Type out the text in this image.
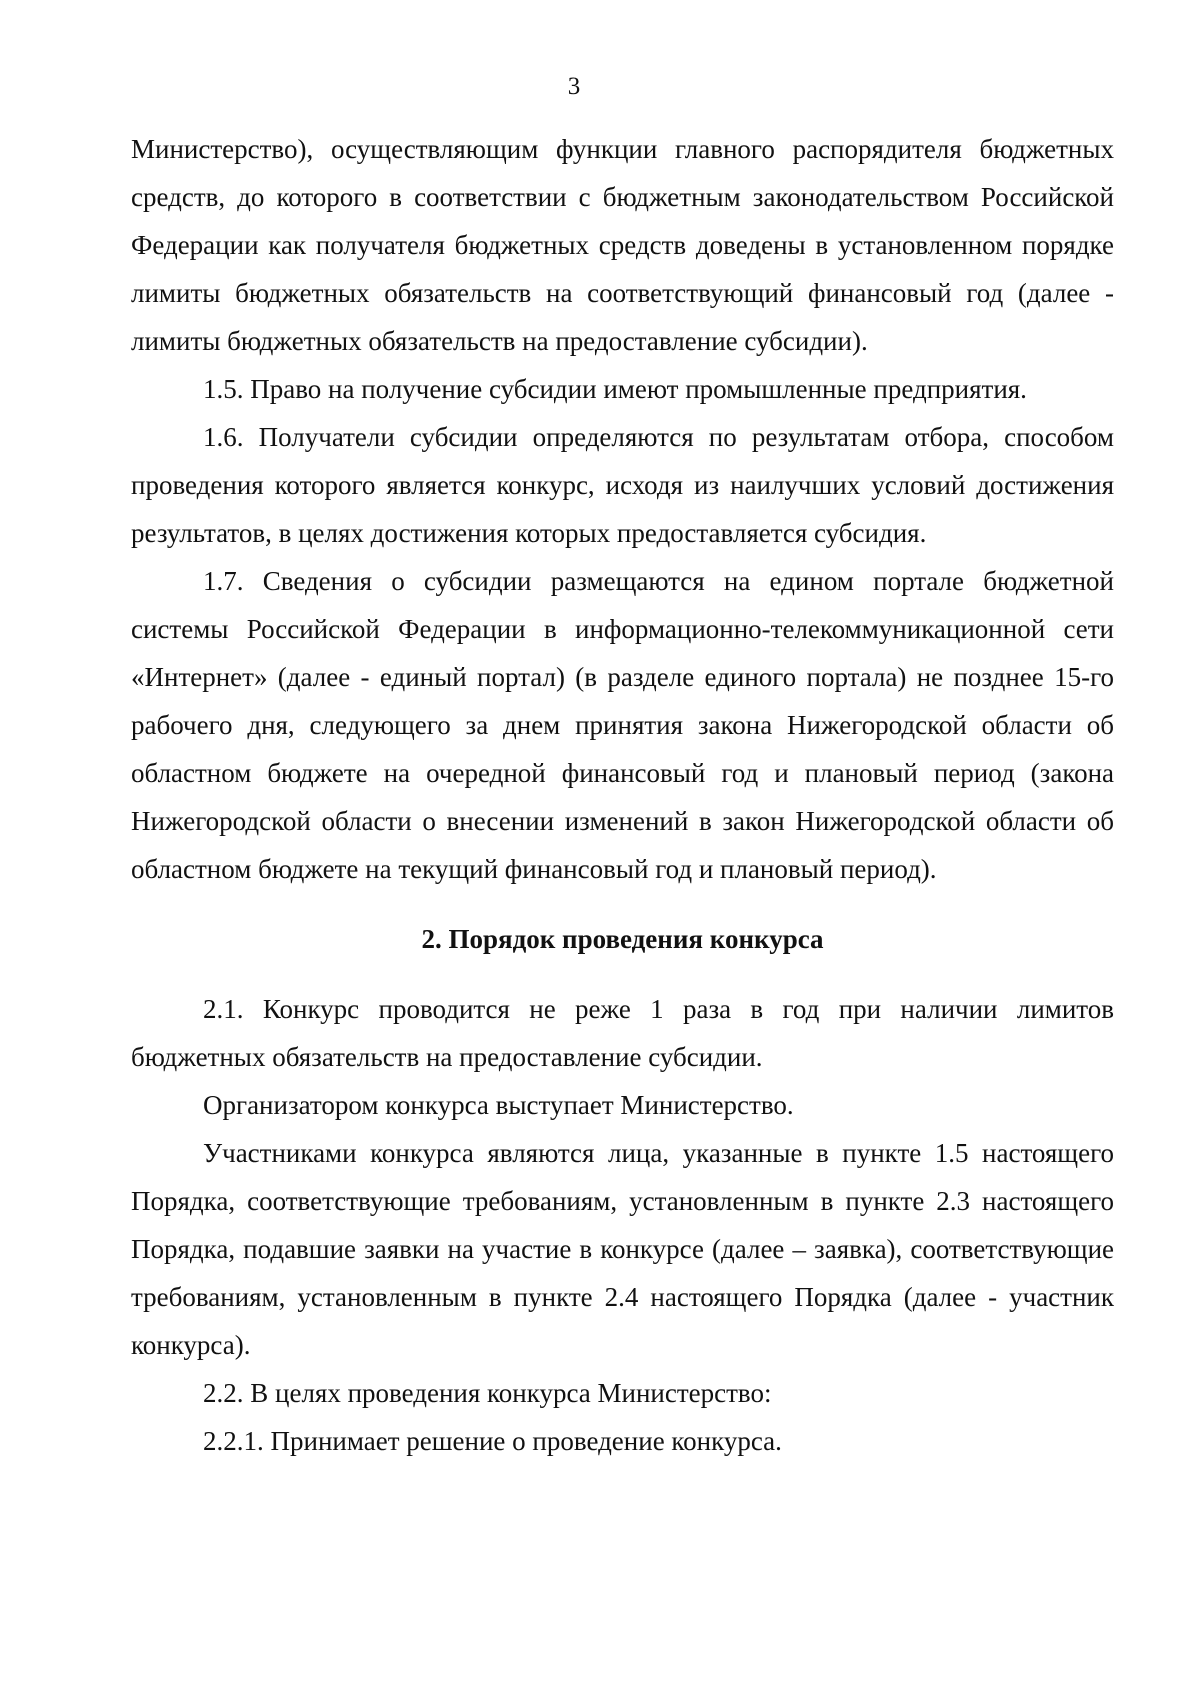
3

Министерство), осуществляющим функции главного распорядителя бюджетных средств, до которого в соответствии с бюджетным законодательством Российской Федерации как получателя бюджетных средств доведены в установленном порядке лимиты бюджетных обязательств на соответствующий финансовый год (далее - лимиты бюджетных обязательств на предоставление субсидии).

1.5. Право на получение субсидии имеют промышленные предприятия.

1.6. Получатели субсидии определяются по результатам отбора, способом проведения которого является конкурс, исходя из наилучших условий достижения результатов, в целях достижения которых предоставляется субсидия.

1.7. Сведения о субсидии размещаются на едином портале бюджетной системы Российской Федерации в информационно-телекоммуникационной сети «Интернет» (далее - единый портал) (в разделе единого портала) не позднее 15-го рабочего дня, следующего за днем принятия закона Нижегородской области об областном бюджете на очередной финансовый год и плановый период (закона Нижегородской области о внесении изменений в закон Нижегородской области об областном бюджете на текущий финансовый год и плановый период).

2. Порядок проведения конкурса

2.1. Конкурс проводится не реже 1 раза в год при наличии лимитов бюджетных обязательств на предоставление субсидии.

Организатором конкурса выступает Министерство.

Участниками конкурса являются лица, указанные в пункте 1.5 настоящего Порядка, соответствующие требованиям, установленным в пункте 2.3 настоящего Порядка, подавшие заявки на участие в конкурсе (далее – заявка), соответствующие требованиям, установленным в пункте 2.4 настоящего Порядка (далее - участник конкурса).

2.2. В целях проведения конкурса Министерство:

2.2.1. Принимает решение о проведение конкурса.
